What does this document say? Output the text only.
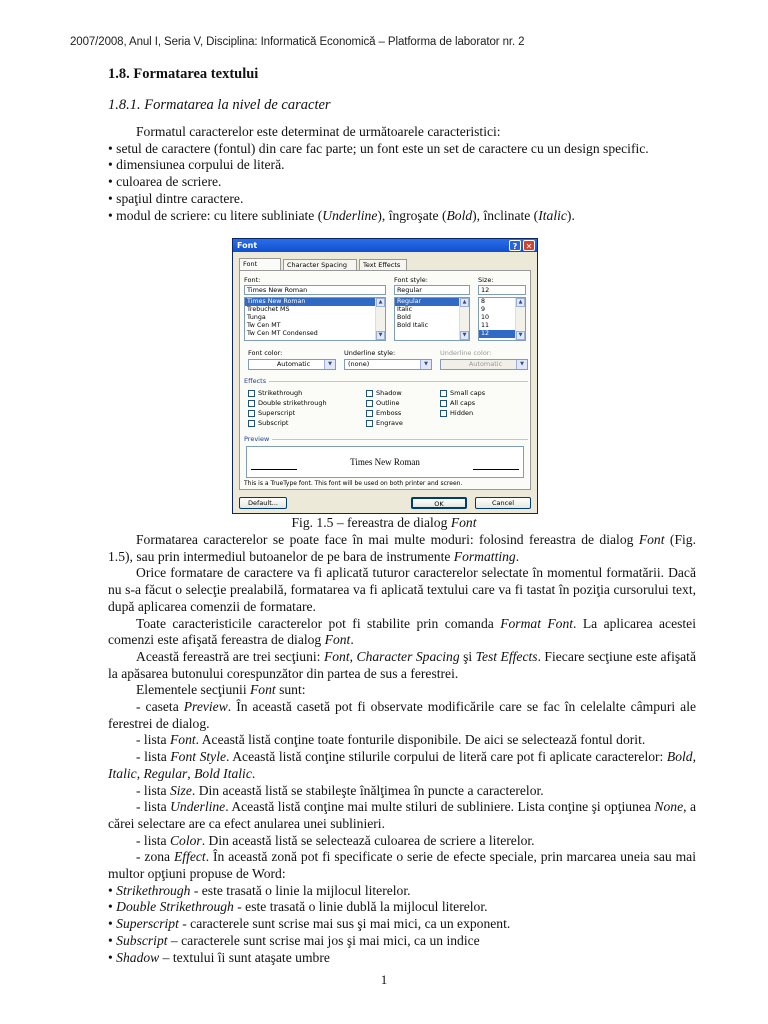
2007/2008, Anul I, Seria V, Disciplina: Informatică Economică – Platforma de laborator nr. 2
1.8. Formatarea textului
1.8.1. Formatarea la nivel de caracter

Formatul caracterelor este determinat de următoarele caracteristici:

• setul de caractere (fontul) din care fac parte; un font este un set de caractere cu un design specific.

• dimensiunea corpului de literă.

• culoarea de scriere.

• spaţiul dintre caractere.

• modul de scriere: cu litere subliniate (Underline), îngroşate (Bold), înclinate (Italic).

Font	?	✕
Font	Character Spacing	Text Effects
Font:
Times New Roman
Times New Roman
Trebuchet MS
Tunga
Tw Cen MT
Tw Cen MT Condensed
▲
▼
Font style:
Regular
Regular
Italic
Bold
Bold Italic
▲
▼
Size:
12
8
9
10
11
12
▲
▼
Font color:
Automatic	▼
Underline style:
(none)	▼
Underline color:
Automatic	▼
Effects
Strikethrough
Double strikethrough
Superscript
Subscript
Shadow
Outline
Emboss
Engrave
Small caps
All caps
Hidden
Preview
Times New Roman
This is a TrueType font. This font will be used on both printer and screen.
Default...	OK	Cancel
Fig. 1.5 – fereastra de dialog Font

Formatarea caracterelor se poate face în mai multe moduri: folosind fereastra de dialog Font (Fig. 1.5), sau prin intermediul butoanelor de pe bara de instrumente Formatting.

Orice formatare de caractere va fi aplicată tuturor caracterelor selectate în momentul formatării. Dacă nu s-a făcut o selecţie prealabilă, formatarea va fi aplicată textului care va fi tastat în poziţia cursorului text, după aplicarea comenzii de formatare.

Toate caracteristicile caracterelor pot fi stabilite prin comanda Format Font. La aplicarea acestei comenzi este afişată fereastra de dialog Font.

Această fereastră are trei secţiuni: Font, Character Spacing şi Test Effects. Fiecare secţiune este afişată la apăsarea butonului corespunzător din partea de sus a ferestrei.

Elementele secţiunii Font sunt:

- caseta Preview. În această casetă pot fi observate modificările care se fac în celelalte câmpuri ale ferestrei de dialog.

- lista Font. Această listă conţine toate fonturile disponibile. De aici se selectează fontul dorit.

- lista Font Style. Această listă conţine stilurile corpului de literă care pot fi aplicate caracterelor: Bold, Italic, Regular, Bold Italic.

- lista Size. Din această listă se stabileşte înălţimea în puncte a caracterelor.

- lista Underline. Această listă conţine mai multe stiluri de subliniere. Lista conţine şi opţiunea None, a cărei selectare are ca efect anularea unei sublinieri.

- lista Color. Din această listă se selectează culoarea de scriere a literelor.

- zona Effect. În această zonă pot fi specificate o serie de efecte speciale, prin marcarea uneia sau mai multor opţiuni propuse de Word:

• Strikethrough - este trasată o linie la mijlocul literelor.

• Double Strikethrough - este trasată o linie dublă la mijlocul literelor.

• Superscript - caracterele sunt scrise mai sus şi mai mici, ca un exponent.

• Subscript – caracterele sunt scrise mai jos şi mai mici, ca un indice

• Shadow – textului îi sunt ataşate umbre

1
